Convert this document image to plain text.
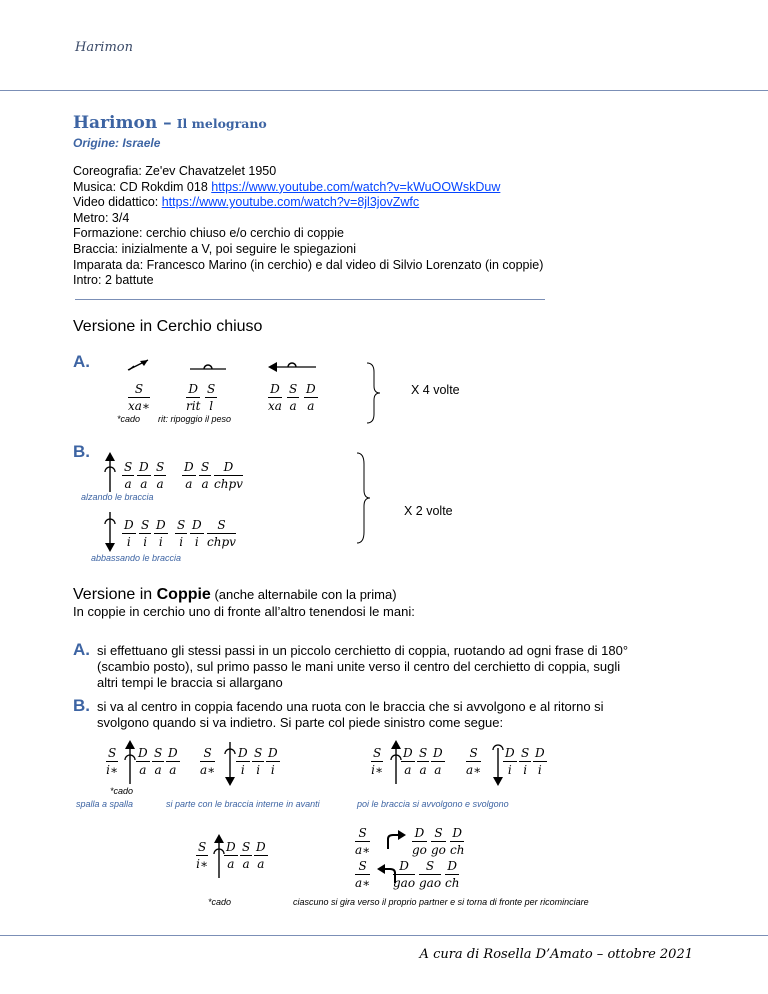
Harimon
Harimon – Il melograno
Origine: Israele
Coreografia: Ze'ev Chavatzelet 1950
Musica: CD Rokdim 018 https://www.youtube.com/watch?v=kWuOOWskDuw
Video didattico: https://www.youtube.com/watch?v=8jl3jovZwfc
Metro: 3/4
Formazione: cerchio chiuso e/o cerchio di coppie
Braccia: inizialmente a V, poi seguire le spiegazioni
Imparata da: Francesco Marino (in cerchio) e dal video di Silvio Lorenzato (in coppie)
Intro: 2 battute
Versione in Cerchio chiuso
A.
*cado rit: ripoggio il peso
X 4 volte
B.
alzando le braccia
abbassando le braccia
X 2 volte
Versione in Coppie (anche alternabile con la prima)
In coppie in cerchio uno di fronte all’altro tenendosi le mani:
A. si effettuano gli stessi passi in un piccolo cerchietto di coppia, ruotando ad ogni frase di 180°
(scambio posto), sul primo passo le mani unite verso il centro del cerchietto di coppia, sugli
altri tempi le braccia si allargano
B. si va al centro in coppia facendo una ruota con le braccia che si avvolgono e al ritorno si
svolgono quando si va indietro. Si parte col piede sinistro come segue:
*cado
spalla a spalla	si parte con le braccia interne in avanti	poi le braccia si avvolgono e svolgono
*cado	ciascuno si gira verso il proprio partner e si torna di fronte per ricominciare
A cura di Rosella D’Amato – ottobre 2021
$\frac{S}{xa∗}$	D
rit $\frac{S}{l}$	$\frac{D}{xa} \frac{S}{a} \frac{D}{a}$
$\frac{S}{a} \frac{D}{a} \frac{S}{a} \frac{D}{a} \frac{S}{a}$	D
chpv
$\frac{D}{i} \frac{S}{i} \frac{D}{i} \frac{S}{i} \frac{D}{i}$	S
chpv
$\frac{S}{i∗} \frac{D}{a} \frac{S}{a} \frac{D}{a} \frac{S}{a∗} \frac{D}{i} \frac{S}{i} \frac{D}{i}$	$\frac{S}{i∗} \frac{D}{a} \frac{S}{a} \frac{D}{a} \frac{S}{a∗} \frac{D}{i} \frac{S}{i} \frac{D}{i}$
$\frac{S}{i∗} \frac{D}{a} \frac{S}{a} \frac{D}{a}$	$\frac{S}{a∗}$	$\frac{D}{go} \frac{S}{go} \frac{D}{ch}$
$\frac{S}{a∗}$	D
gao
S
gao $\frac{D}{ch}$
